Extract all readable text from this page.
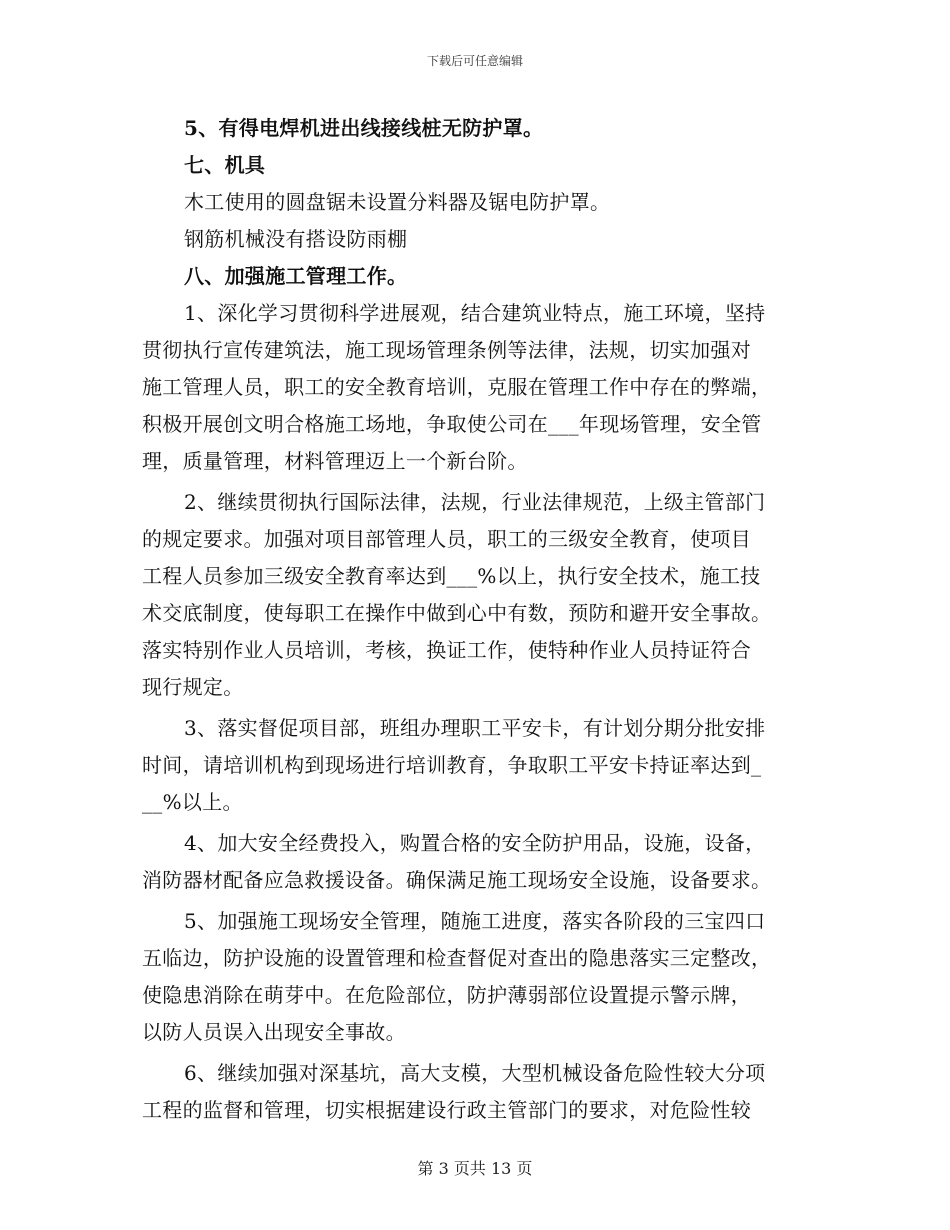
下载后可任意编辑
5、有得电焊机进出线接线桩无防护罩。
七、机具
木工使用的圆盘锯未设置分料器及锯电防护罩。
钢筋机械没有搭设防雨棚
八、加强施工管理工作。
1、深化学习贯彻科学进展观，结合建筑业特点，施工环境，坚持
贯彻执行宣传建筑法，施工现场管理条例等法律，法规，切实加强对
施工管理人员，职工的安全教育培训，克服在管理工作中存在的弊端，
积极开展创文明合格施工场地，争取使公司在___年现场管理，安全管
理，质量管理，材料管理迈上一个新台阶。
2、继续贯彻执行国际法律，法规，行业法律规范，上级主管部门
的规定要求。加强对项目部管理人员，职工的三级安全教育，使项目
工程人员参加三级安全教育率达到___%以上，执行安全技术，施工技
术交底制度，使每职工在操作中做到心中有数，预防和避开安全事故。
落实特别作业人员培训，考核，换证工作，使特种作业人员持证符合
现行规定。
3、落实督促项目部，班组办理职工平安卡，有计划分期分批安排
时间，请培训机构到现场进行培训教育，争取职工平安卡持证率达到_
__%以上。
4、加大安全经费投入，购置合格的安全防护用品，设施，设备，
消防器材配备应急救援设备。确保满足施工现场安全设施，设备要求。
5、加强施工现场安全管理，随施工进度，落实各阶段的三宝四口
五临边，防护设施的设置管理和检查督促对查出的隐患落实三定整改，
使隐患消除在萌芽中。在危险部位，防护薄弱部位设置提示警示牌，
以防人员误入出现安全事故。
6、继续加强对深基坑，高大支模，大型机械设备危险性较大分项
工程的监督和管理，切实根据建设行政主管部门的要求，对危险性较
第 3 页共 13 页
